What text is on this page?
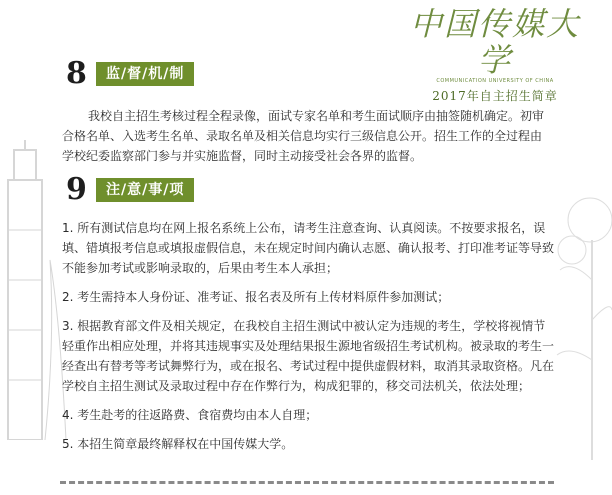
中国传媒大学
COMMUNICATION UNIVERSITY OF CHINA
2017年自主招生简章
8	监/督/机/制

我校自主招生考核过程全程录像，面试专家名单和考生面试顺序由抽签随机确定。初审合格名单、入选考生名单、录取名单及相关信息均实行三级信息公开。招生工作的全过程由学校纪委监察部门参与并实施监督，同时主动接受社会各界的监督。

9	注/意/事/项

1. 所有测试信息均在网上报名系统上公布，请考生注意查询、认真阅读。不按要求报名，误填、错填报考信息或填报虚假信息，未在规定时间内确认志愿、确认报考、打印准考证等导致不能参加考试或影响录取的，后果由考生本人承担；

2. 考生需持本人身份证、准考证、报名表及所有上传材料原件参加测试；

3. 根据教育部文件及相关规定，在我校自主招生测试中被认定为违规的考生，学校将视情节轻重作出相应处理，并将其违规事实及处理结果报生源地省级招生考试机构。被录取的考生一经查出有替考等考试舞弊行为，或在报名、考试过程中提供虚假材料，取消其录取资格。凡在学校自主招生测试及录取过程中存在作弊行为，构成犯罪的，移交司法机关，依法处理；

4. 考生赴考的往返路费、食宿费均由本人自理；

5. 本招生简章最终解释权在中国传媒大学。
